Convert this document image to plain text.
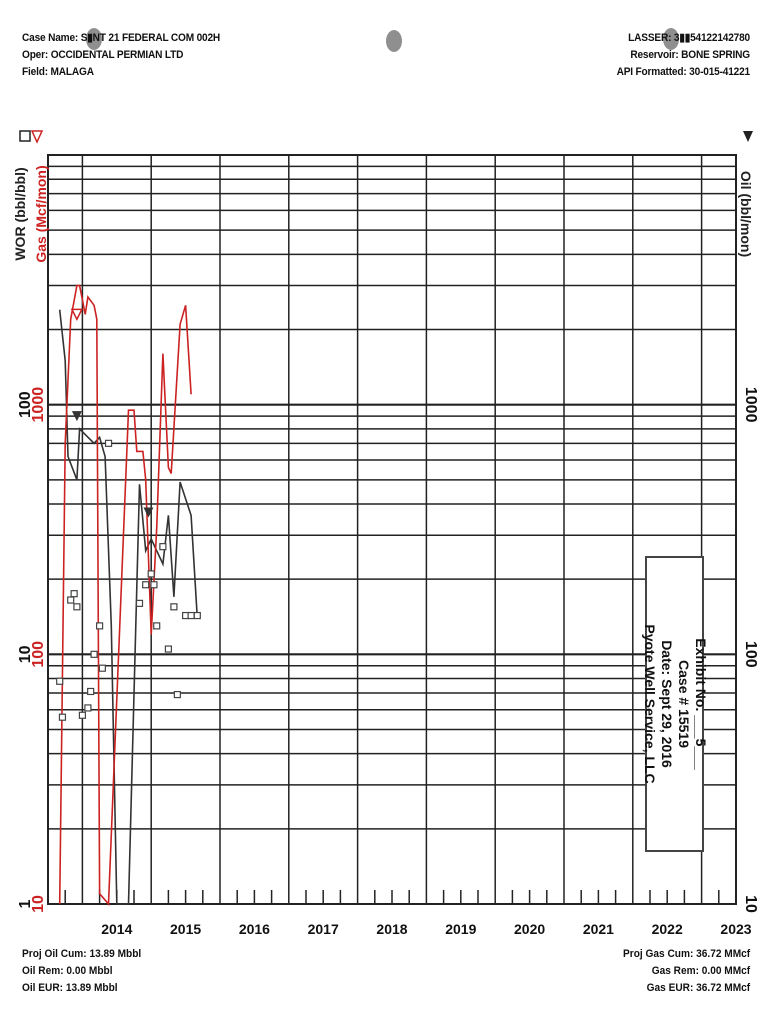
2014	2015	2016	2017	2018	2019	2020	2021	2022	2023
1
10	10
10
100	100
100
1000	1000
Case Name: S▮NT 21 FEDERAL COM 002H
Oper: OCCIDENTAL PERMIAN LTD
Field: MALAGA
LASSER: 3▮▮54122142780
Reservoir: BONE SPRING
API Formatted: 30-015-41221
WOR (bbl/bbl) Gas (Mcf/mon)	Oil (bbl/mon)
Exhibit No. ___5___
Case # 15519
Date: Sept 29, 2016
Pyote Well Service, LLC
Proj Oil Cum: 13.89 Mbbl
Oil Rem: 0.00 Mbbl
Oil EUR: 13.89 Mbbl
Proj Gas Cum: 36.72 MMcf
Gas Rem: 0.00 MMcf
Gas EUR: 36.72 MMcf
